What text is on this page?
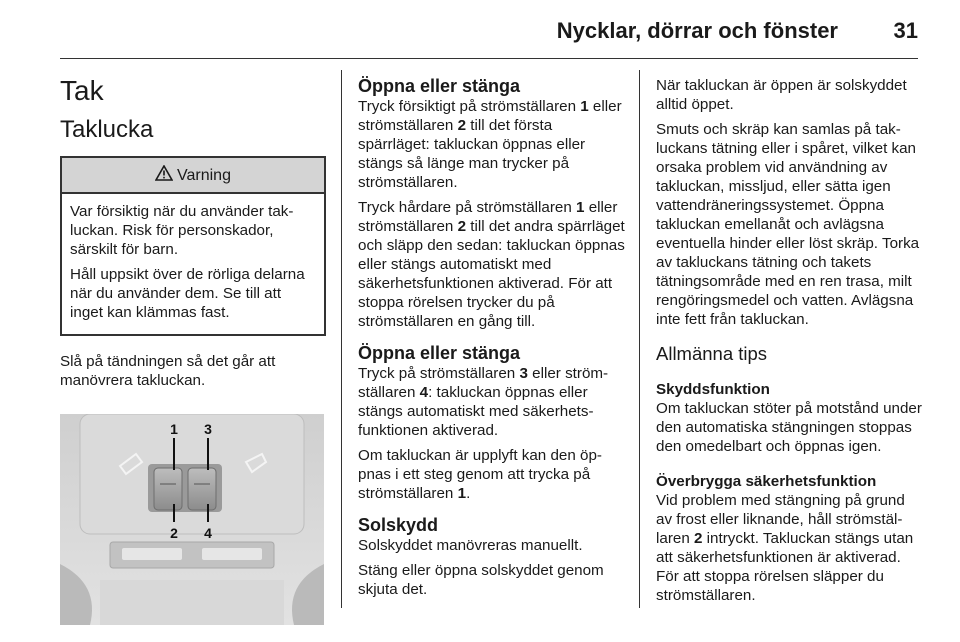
Nycklar, dörrar och fönster	31
Tak
Taklucka
Varning

Var försiktig när du använder takluckan. Risk för personskador, särskilt för barn.

Håll uppsikt över de rörliga delarna när du använder dem. Se till att inget kan klämmas fast.

Slå på tändningen så det går att manövrera takluckan.

1 3
2 4
Öppna eller stänga

Tryck försiktigt på strömställaren 1 eller strömställaren 2 till det första spärrläget: takluckan öppnas eller stängs så länge man trycker på strömställaren.

Tryck hårdare på strömställaren 1 eller strömställaren 2 till det andra spärrläget och släpp den sedan: takluckan öppnas eller stängs automatiskt med säkerhetsfunktionen aktiverad. För att stoppa rörelsen trycker du på strömställaren en gång till.

Öppna eller stänga

Tryck på strömställaren 3 eller strömställaren 4: takluckan öppnas eller stängs automatiskt med säkerhetsfunktionen aktiverad.

Om takluckan är upplyft kan den öppnas i ett steg genom att trycka på strömställaren 1.

Solskydd

Solskyddet manövreras manuellt.

Stäng eller öppna solskyddet genom skjuta det.

När takluckan är öppen är solskyddet alltid öppet.

Smuts och skräp kan samlas på takluckans tätning eller i spåret, vilket kan orsaka problem vid användning av takluckan, missljud, eller sätta igen vattendräneringssystemet. Öppna takluckan emellanåt och avlägsna eventuella hinder eller löst skräp. Torka av takluckans tätning och takets tätningsområde med en ren trasa, milt rengöringsmedel och vatten. Avlägsna inte fett från takluckan.

Allmänna tips
Skyddsfunktion

Om takluckan stöter på motstånd under den automatiska stängningen stoppas den omedelbart och öppnas igen.

Överbrygga säkerhetsfunktion

Vid problem med stängning på grund av frost eller liknande, håll strömställaren 2 intryckt. Takluckan stängs utan att säkerhetsfunktionen är aktiverad. För att stoppa rörelsen släpper du strömställaren.
